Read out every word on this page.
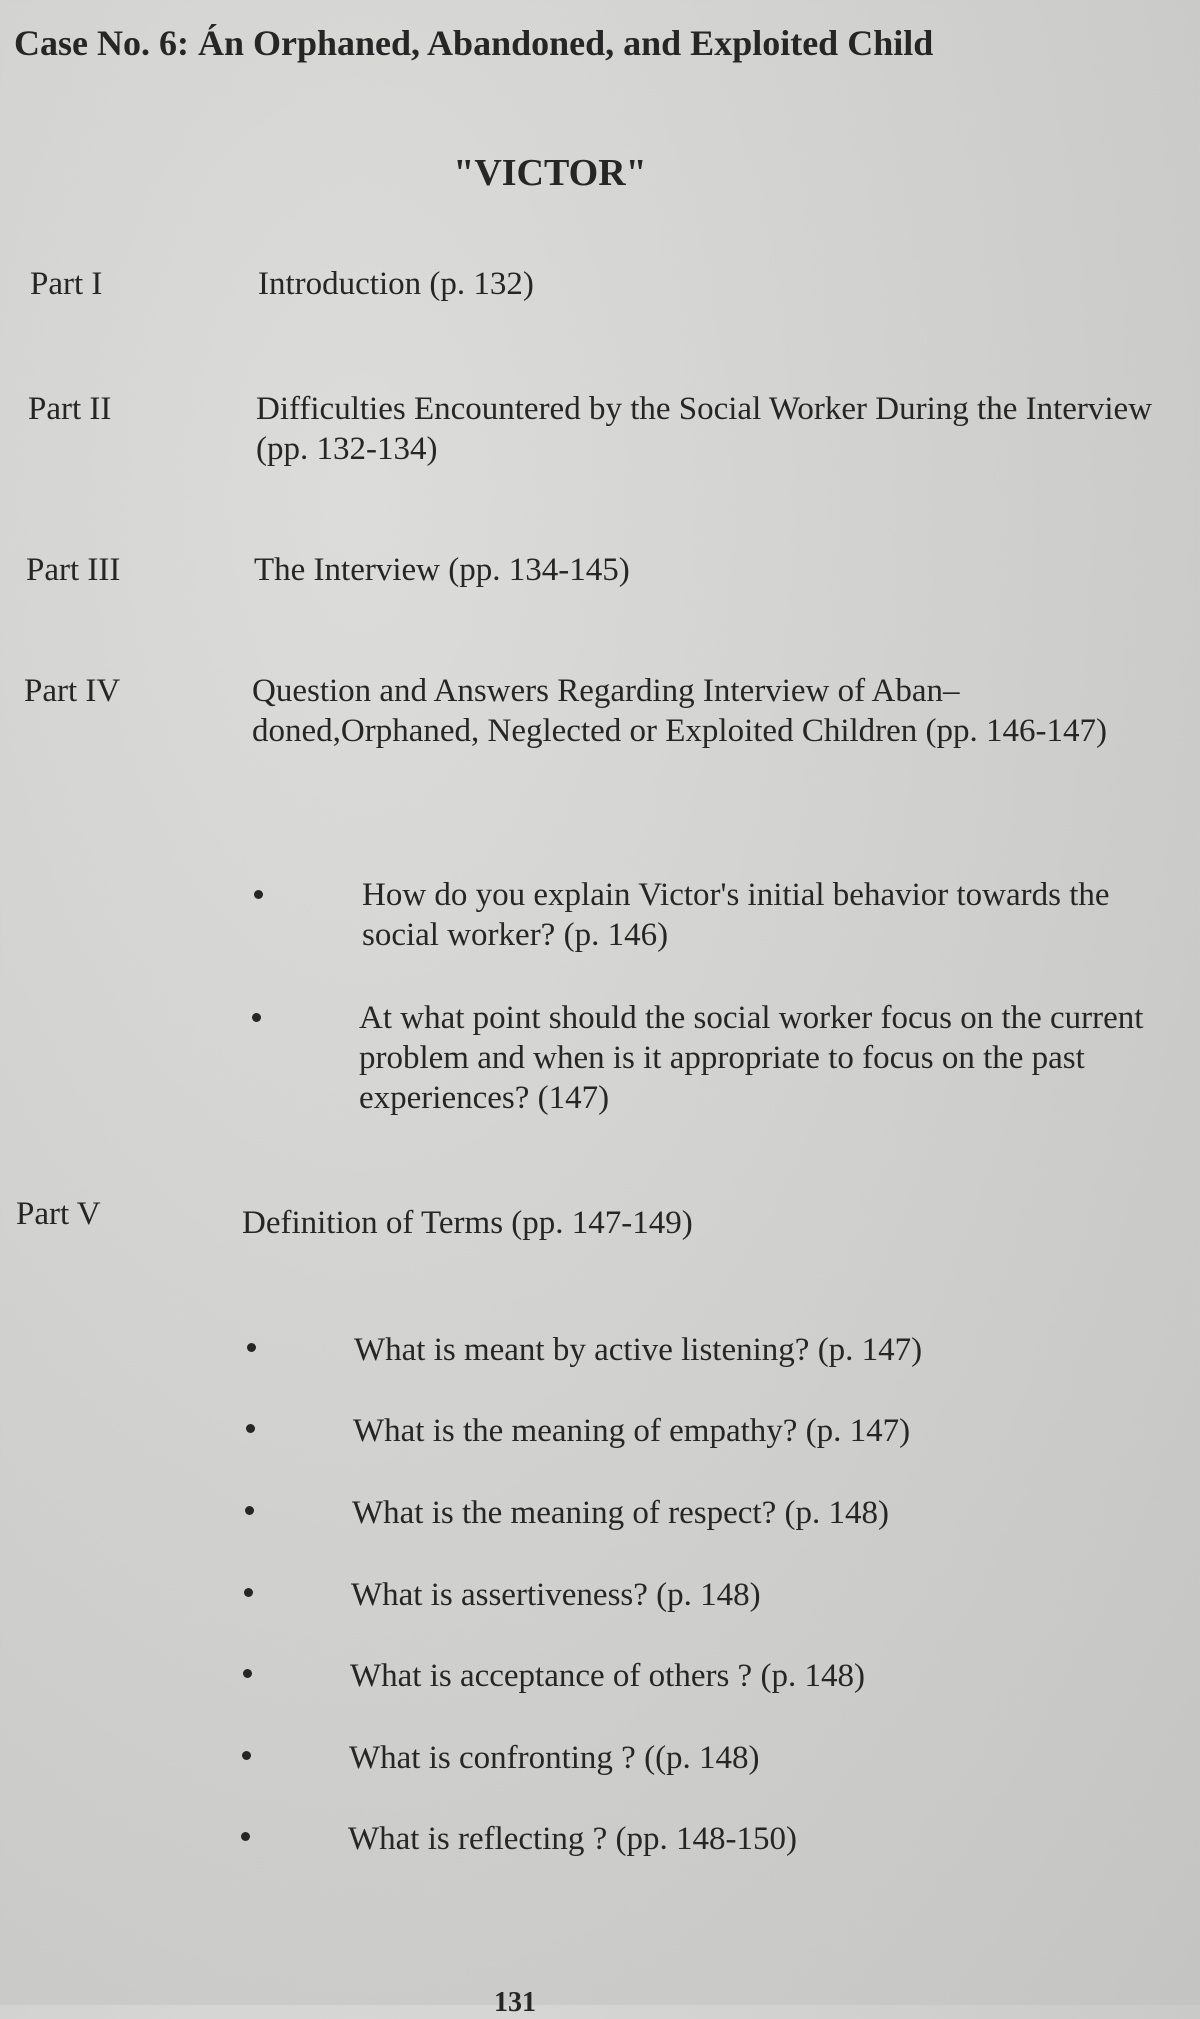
Case No. 6: Án Orphaned, Abandoned, and Exploited Child
"VICTOR"
Part I	Introduction (p. 132)
Part II	Difficulties Encountered by the Social Worker During the Interview (pp. 132-134)
Part III	The Interview (pp. 134-145)
Part IV	Question and Answers Regarding Interview of Aban– doned,Orphaned, Neglected or Exploited Children (pp. 146-147)
How do you explain Victor's initial behavior towards the social worker? (p. 146)
At what point should the social worker focus on the current problem and when is it appropriate to focus on the past experiences? (147)
Part V	Definition of Terms (pp. 147-149)
What is meant by active listening? (p. 147)
What is the meaning of empathy? (p. 147)
What is the meaning of respect? (p. 148)
What is assertiveness? (p. 148)
What is acceptance of others ? (p. 148)
What is confronting ? ((p. 148)
What is reflecting ? (pp. 148-150)
131
